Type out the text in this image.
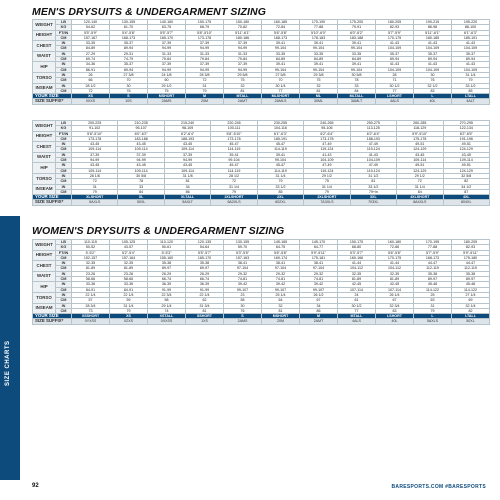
MEN'S DRYSUITS & UNDERGARMENT SIZING
WEIGHT	LB	120-140	130-155	140-160	150-175	150-180	160-185	170-190	175-200	180-205	190-215	195-220
	KG	54-62	61-70	63-75	68-79	70-82	72-84	77-88	79-91	82-93	86-98	88-100
HEIGHT	FT/IN	5'5"-5'9"	5'4"-5'8"	5'5"-5'7"	5'8"-5'10"	5'11"-6'1"	5'6"-5'8"	5'10"-6'0"	6'0"-6'2"	5'7"-5'9"	5'11"-6'1"	6'1"-6'3"
	CM	157-167	168-173	165-170	173-178	180-186	168-173	178-183	183-188	170-175	180-185	185-191
CHEST	IN	33-35	35-37	37-39	37-39	37-39	39-41	39-41	39-41	41-43	41-43	41-43
	CM	84-89	89-94	94-99	94-99	94-99	99-104	99-104	99-104	104-109	104-109	104-109
WAIST	IN	27-29	29-31	31-33	31-33	31-33	33-35	33-35	33-35	35-37	35-37	35-37
	CM	69-74	74-79	79-84	79-84	79-84	84-89	84-89	84-89	89-94	89-94	89-94
HIP	IN	34-36	35-37	37-39	37-39	37-39	39-41	39-41	39-41	41-43	41-43	41-43
	CM	86-91	89-94	94-99	94-99	94-99	99-104	99-104	99-104	104-109	104-109	104-109
TORSO	IN	26	27 3/8	24 1/8	28 3/8	29 5/8	27 5/8	29 3/8	30 5/8	28	30	31 1/4
	CM	66	70	60	72	75	70	75	78	71	76	79
INSEAM	IN	28 1/2	30	29 1/2	31	32	30 1/4	32	33	30 1/2	32 1/2	33 1/2
	CM	72	76	75	79	81	77	81	84	77	83	85
YOUR SIZE		XS	S	MSHORT	M	MTALL	MLSHORT	ML	MLTALL	LSHORT	L	LTALL
SIZE SUFFIX*		0XXS	10S	2AMS	20M	2AMT	2AMLS	30ML	3AMLT	4ALS	40L	4ALT
WEIGHT	LB	200-225	210-235	215-240	220-245	230-255	240-265	250-275	260-285	270-295
	KG	91-102	95-107	98-109	100-111	104-116	95-106	113-125	118-129	122-134
HEIGHT	FT/IN	5'8"-5'10"	6'0"-6'2"	6'2"-6'4"	5'8"-5'10"	6'1"-6'3"	6'2"-6'4"	6'2"-6'4"	5'9"-5'10"	6'2"-6'5"
	CM	173-178	183-188	188-193	173-178	185-191	173-178	188-193	175-178	191-196
CHEST	IN	43-45	43-45	43-45	45-47	45-47	47-49	47-49	49-51	49-51
	CM	109-114	109-114	109-114	114-119	114-119	119-124	119-124	124-129	124-129
WAIST	IN	37-39	37-39	37-39	39-41	39-41	41-43	41-43	43-45	43-45
	CM	94-99	94-99	94-99	99-104	99-104	104-109	104-109	109-114	109-114
HIP	IN	43-45	43-45	43-45	45-47	45-47	47-49	47-49	49-51	49-51
	CM	109-114	109-114	109-114	114-119	114-119	119-124	119-124	124-129	124-129
TORSO	IN	28 1/8	30 5/8	31 1/8	28 1/2	31 1/4	29 1/2	31 1/2	29 1/2	32 5/8
	CM	72	78	81	72	79	75	81	72	82
INSEAM	IN	31	33	34	31 1/4	33 1/2	31 1/4	33 1/2	31 1/4	34 1/2
	CM	79	84	86	79	85	79	79+in	84	87
YOUR SIZE		XLSHORT	XL	XLTALL	2XLSHORT	2XL	2XLSHORT	3XL	4XLSHORT	4XL
SIZE SUFFIX*		5AXLS	50XL	5AXLT	6A2XLS	602XL	7A3XLS	703XL	8A4XLS	804XL
WOMEN'S DRYSUITS & UNDERGARMENT SIZING
WEIGHT	LB	110-115	105-125	110-120	120-135	130-155	145-165	145-170	150-175	160-180	170-195	180-205
	KG	50-52	43-57	50-61	54-64	59-70	64-75	64-77	68-80	72-86	77-88	82-93
HEIGHT	FT/IN	5'-5'2"	5'2"-5'4"	5'-5'3"	5'5"-5'7"	5'3"-5'5"	5'6"-5'8"	5'9"-5'11"	5'3"-5'7"	5'6"-5'8"	5'7"-5'9"	5'9"-5'11"
	CM	152-157	157-164	155-160	165-170	157-163	169-174	175-181	160-166	170-175	168-173	175-180
CHEST	IN	32-35	32-35	35-38	35-38	38-41	38-41	38-41	41-44	41-44	44-47	44-47
	CM	81-89	81-89	89-97	89-97	97-104	97-104	97-104	104-112	104-112	112-119	112-119
WAIST	IN	23-26	23-26	26-29	26-29	29-32	29-32	29-32	32-35	32-35	35-38	35-38
	CM	58-66	58-66	66-74	66-74	74-81	74-81	74-81	81-89	81-89	89-97	89-97
HIP	IN	33-36	33-36	36-39	36-39	39-42	39-42	39-42	42-45	42-45	45-48	45-48
	CM	84-91	84-91	91-99	91-99	99-107	99-107	99-107	107-114	107-114	114-122	114-122
TORSO	IN	22 1/4	22 1/4	22 3/4	22 1/4	23	25 1/4	26 1/2	24	26 1/4	25	27 1/4
	CM	57	59	58	62	58	64	67	61	67	63	69
INSEAM	IN	28 3/4	31 1/4	29 1/4	31 3/4	30	32	34	30 1/2	32 3/4	31	32 1/4
	CM	73	79	74	81	76	81	86	77	83	79	82
YOUR SIZE		XSSHORT	XS	XSTALL	SSHORT	S	MSHORT	M	MTALL	LSHORT	L	LTALL
SIZE SUFFIX*		0YXSS	0ZXS	0XXSS	1XS	2AMS	20M	2AMT	4ALS	40L	5AXLS	50XL
SIZE CHARTS
92	BARESPORTS.COM #BARESPORTS
